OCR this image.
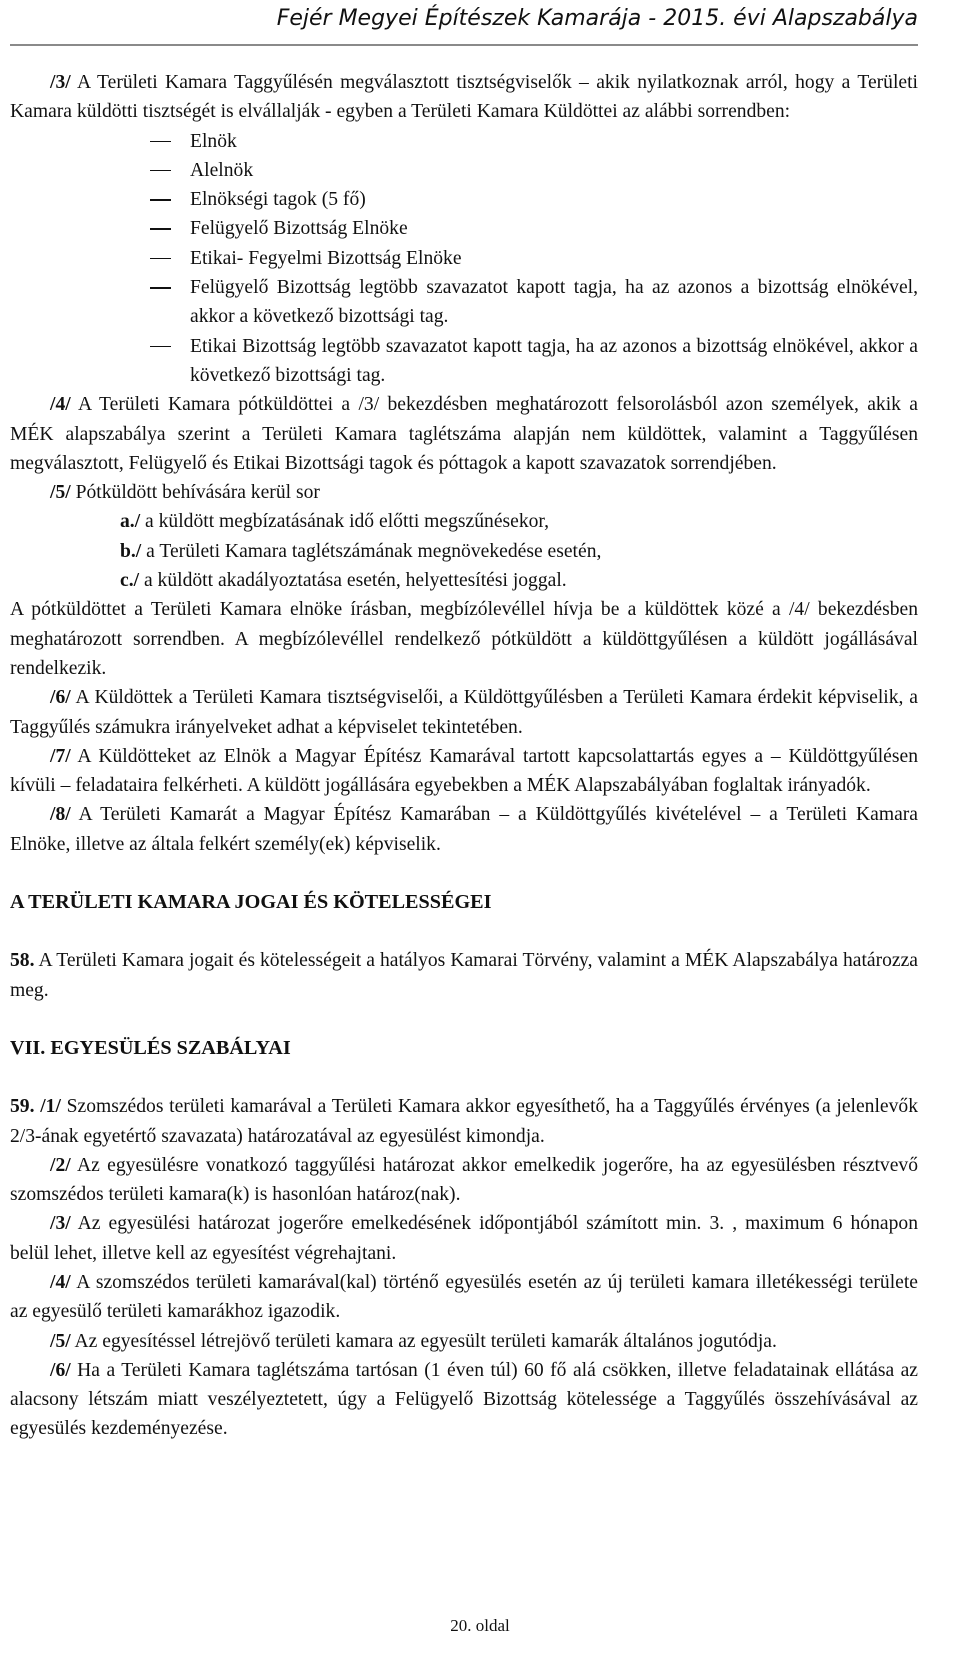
Fejér Megyei Építészek Kamarája - 2015. évi Alapszabálya

/3/ A Területi Kamara Taggyűlésén megválasztott tisztségviselők – akik nyilatkoznak arról, hogy a Területi Kamara küldötti tisztségét is elvállalják - egyben a Területi Kamara Küldöttei az alábbi sorrendben:

Elnök
Alelnök
Elnökségi tagok (5 fő)
Felügyelő Bizottság Elnöke
Etikai- Fegyelmi Bizottság Elnöke
Felügyelő Bizottság legtöbb szavazatot kapott tagja, ha az azonos a bizottság elnökével, akkor a következő bizottsági tag.
Etikai Bizottság legtöbb szavazatot kapott tagja, ha az azonos a bizottság elnökével, akkor a következő bizottsági tag.

/4/ A Területi Kamara pótküldöttei a /3/ bekezdésben meghatározott felsorolásból azon személyek, akik a MÉK alapszabálya szerint a Területi Kamara taglétszáma alapján nem küldöttek, valamint a Taggyűlésen megválasztott, Felügyelő és Etikai Bizottsági tagok és póttagok a kapott szavazatok sorrendjében.

/5/ Pótküldött behívására kerül sor

a./ a küldött megbízatásának idő előtti megszűnésekor,

b./ a Területi Kamara taglétszámának megnövekedése esetén,

c./ a küldött akadályoztatása esetén, helyettesítési joggal.

A pótküldöttet a Területi Kamara elnöke írásban, megbízólevéllel hívja be a küldöttek közé a /4/ bekezdésben meghatározott sorrendben. A megbízólevéllel rendelkező pótküldött a küldöttgyűlésen a küldött jogállásával rendelkezik.

/6/ A Küldöttek a Területi Kamara tisztségviselői, a Küldöttgyűlésben a Területi Kamara érdekit képviselik, a Taggyűlés számukra irányelveket adhat a képviselet tekintetében.

/7/ A Küldötteket az Elnök a Magyar Építész Kamarával tartott kapcsolattartás egyes a – Küldöttgyűlésen kívüli – feladataira felkérheti. A küldött jogállására egyebekben a MÉK Alapszabályában foglaltak irányadók.

/8/ A Területi Kamarát a Magyar Építész Kamarában – a Küldöttgyűlés kivételével – a Területi Kamara Elnöke, illetve az általa felkért személy(ek) képviselik.

A TERÜLETI KAMARA JOGAI ÉS KÖTELESSÉGEI

58. A Területi Kamara jogait és kötelességeit a hatályos Kamarai Törvény, valamint a MÉK Alapszabálya határozza meg.

VII. EGYESÜLÉS SZABÁLYAI

59. /1/ Szomszédos területi kamarával a Területi Kamara akkor egyesíthető, ha a Taggyűlés érvényes (a jelenlevők 2/3-ának egyetértő szavazata) határozatával az egyesülést kimondja.

/2/ Az egyesülésre vonatkozó taggyűlési határozat akkor emelkedik jogerőre, ha az egyesülésben résztvevő szomszédos területi kamara(k) is hasonlóan határoz(nak).

/3/ Az egyesülési határozat jogerőre emelkedésének időpontjából számított min. 3. , maximum 6 hónapon belül lehet, illetve kell az egyesítést végrehajtani.

/4/ A szomszédos területi kamarával(kal) történő egyesülés esetén az új területi kamara illetékességi területe az egyesülő területi kamarákhoz igazodik.

/5/ Az egyesítéssel létrejövő területi kamara az egyesült területi kamarák általános jogutódja.

/6/ Ha a Területi Kamara taglétszáma tartósan (1 éven túl) 60 fő alá csökken, illetve feladatainak ellátása az alacsony létszám miatt veszélyeztetett, úgy a Felügyelő Bizottság kötelessége a Taggyűlés összehívásával az egyesülés kezdeményezése.

20. oldal
